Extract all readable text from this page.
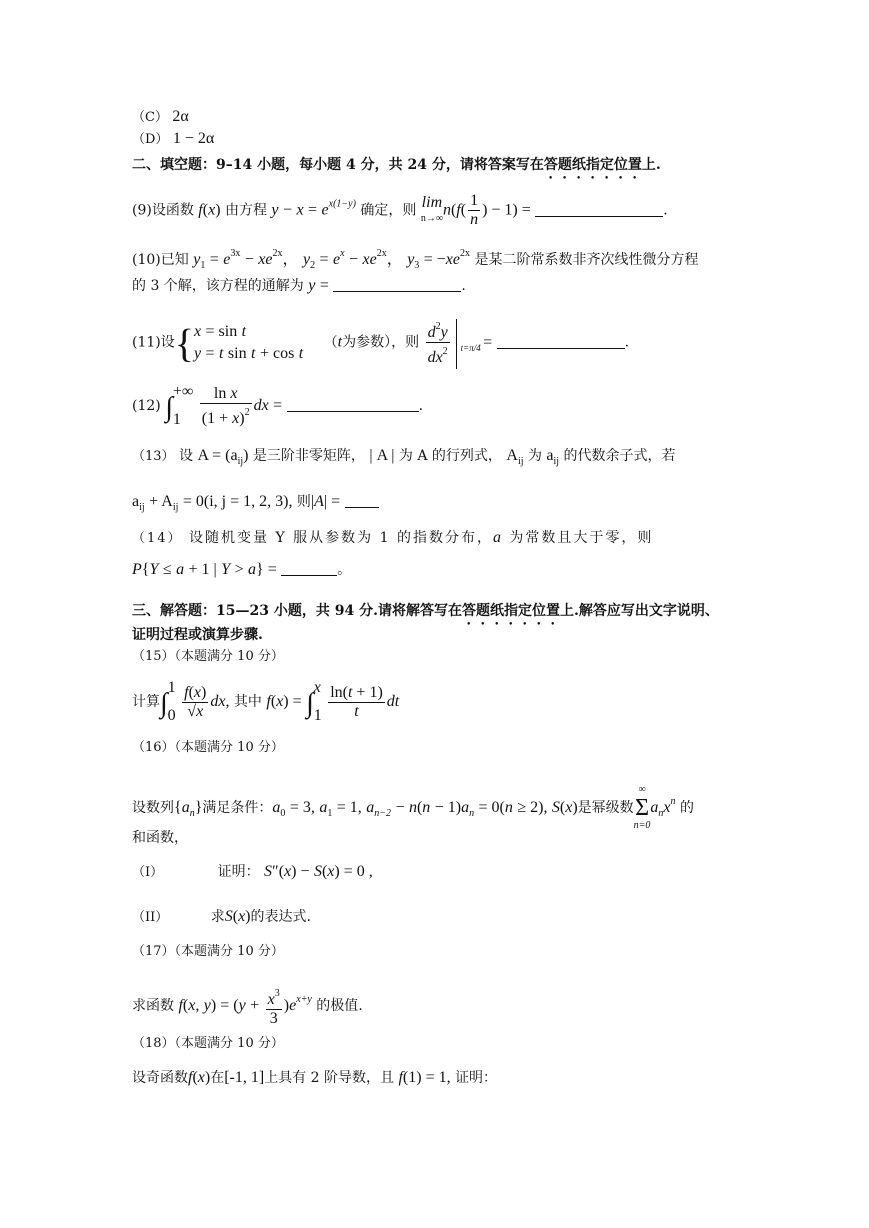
（C） 2α
（D） 1 − 2α
二、填空题：9–14 小题，每小题 4 分，共 24 分，请将答案写在答题纸指定位置上.
(9)设函数 f(x) 由方程 $y - x = e^{x(1-y)}$ 确定，则 lim
n→∞ $n(f( \frac{1}{n}$ ) − 1) =	.
(10)已知 $y_1 = e^{3x} - xe^{2x}$， $y_2 = e^x - xe^{2x}$， $y_3 = -xe^{2x}$ 是某二阶常系数非齐次线性微分方程
的 3 个解，该方程的通解为 y =	.
(11)设{ x = sin t
y = t sin t + cos t
（t为参数），则 $\frac{d^2y}{dx^2} t=\pi/4$ =	.
(12) ∫
+∞
1
	$\frac{\text{ln x}}{(1 + x)^2}$ dx =	.
（13） 设 $A = (a_{ij})$ 是三阶非零矩阵， | A | 为 A 的行列式， $A_{ij}$ 为 $a_{ij}$ 的代数余子式，若
$a_{ij} + A_{ij} = 0(i$, j = 1, 2, 3), 则|A| =
（14） 设随机变量 Y 服从参数为 1 的指数分布，a 为常数且大于零，则
P{Y ≤ a + 1 | Y > a} =	。
三、解答题：15—23 小题，共 94 分.请将解答写在答题纸指定位置上.解答应写出文字说明、
证明过程或演算步骤.
（15）（本题满分 10 分）
计算∫
1
0
$\frac{f(x)}{√x}$ dx, 其中 f(x) = ∫
x
1
$\frac{\ln(t + 1)}{t}$ dt
（16）（本题满分 10 分）
设数列$\{a_n\}$满足条件：$a_0 = 3$, $a_1 = 1$, $a_{n-2} - n(n - 1)a_n = 0(n \ge 2)$, S(x)是幂级数
∞
Σ
n=0
$a_nx^n$ 的
和函数，
（I）	证明： S″(x) − S(x) = 0 ,
（II）	求S(x)的表达式.
（17）（本题满分 10 分）
求函数 f(x, $y) = (y + \frac{x^3}{3} )e^{x+y}$ 的极值.
（18）（本题满分 10 分）
设奇函数f(x)在[-1, 1]上具有 2 阶导数，且 f(1) = 1, 证明：
